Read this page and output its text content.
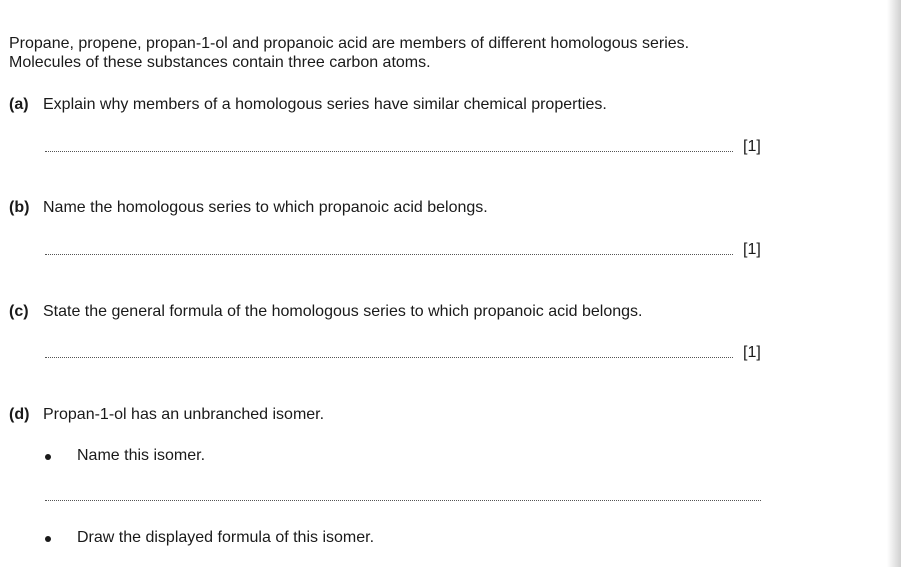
Propane, propene, propan-1-ol and propanoic acid are members of different homologous series.
Molecules of these substances contain three carbon atoms.
(a) Explain why members of a homologous series have similar chemical properties.
[1]
(b) Name the homologous series to which propanoic acid belongs.
[1]
(c) State the general formula of the homologous series to which propanoic acid belongs.
[1]
(d) Propan-1-ol has an unbranched isomer.
Name this isomer.
Draw the displayed formula of this isomer.
